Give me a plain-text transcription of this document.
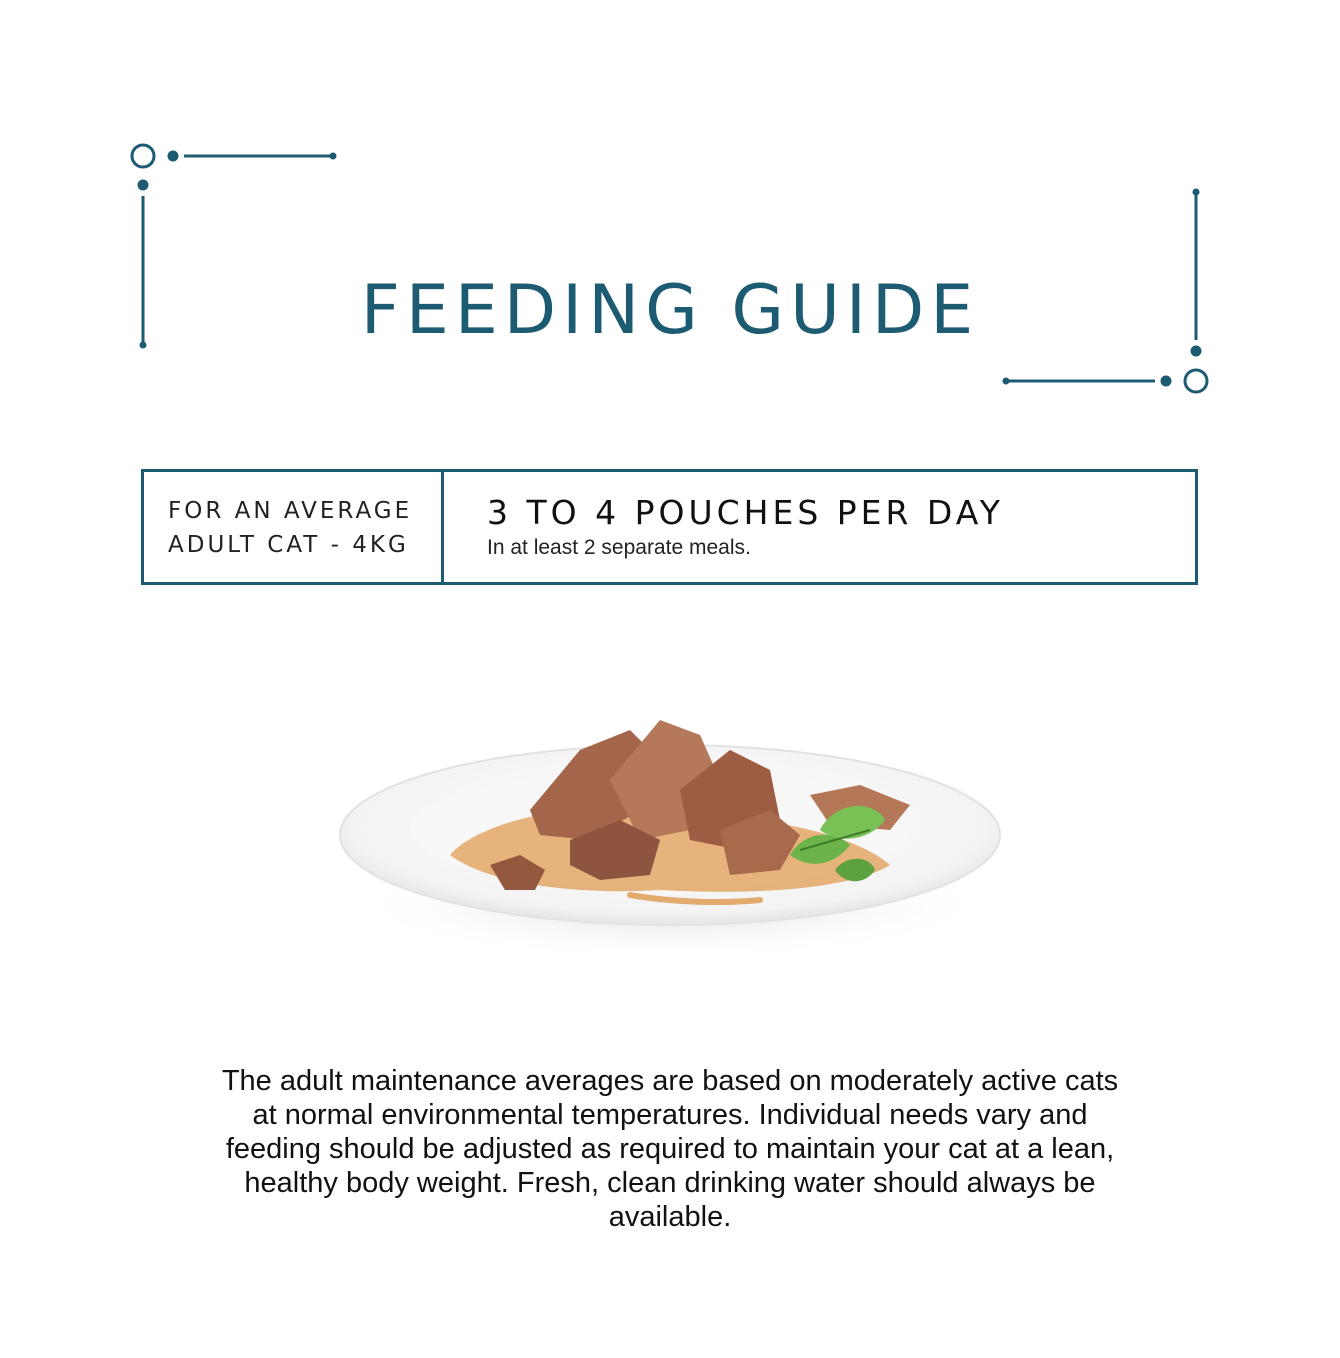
FEEDING GUIDE
FOR AN AVERAGE
ADULT CAT - 4KG
3 TO 4 POUCHES PER DAY
In at least 2 separate meals.

The adult maintenance averages are based on moderately active cats at normal environmental temperatures. Individual needs vary and feeding should be adjusted as required to maintain your cat at a lean, healthy body weight. Fresh, clean drinking water should always be available.
